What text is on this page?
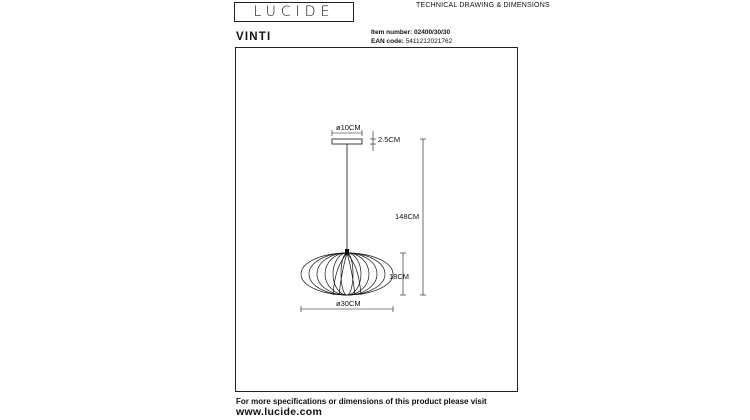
LUCIDE	TECHNICAL DRAWING & DIMENSIONS
VINTI	Item number: 02400/30/30
EAN code: 5411212021762
ø10CM
2.5CM
148CM
18CM
ø30CM
For more specifications or dimensions of this product please visit
www.lucide.com
